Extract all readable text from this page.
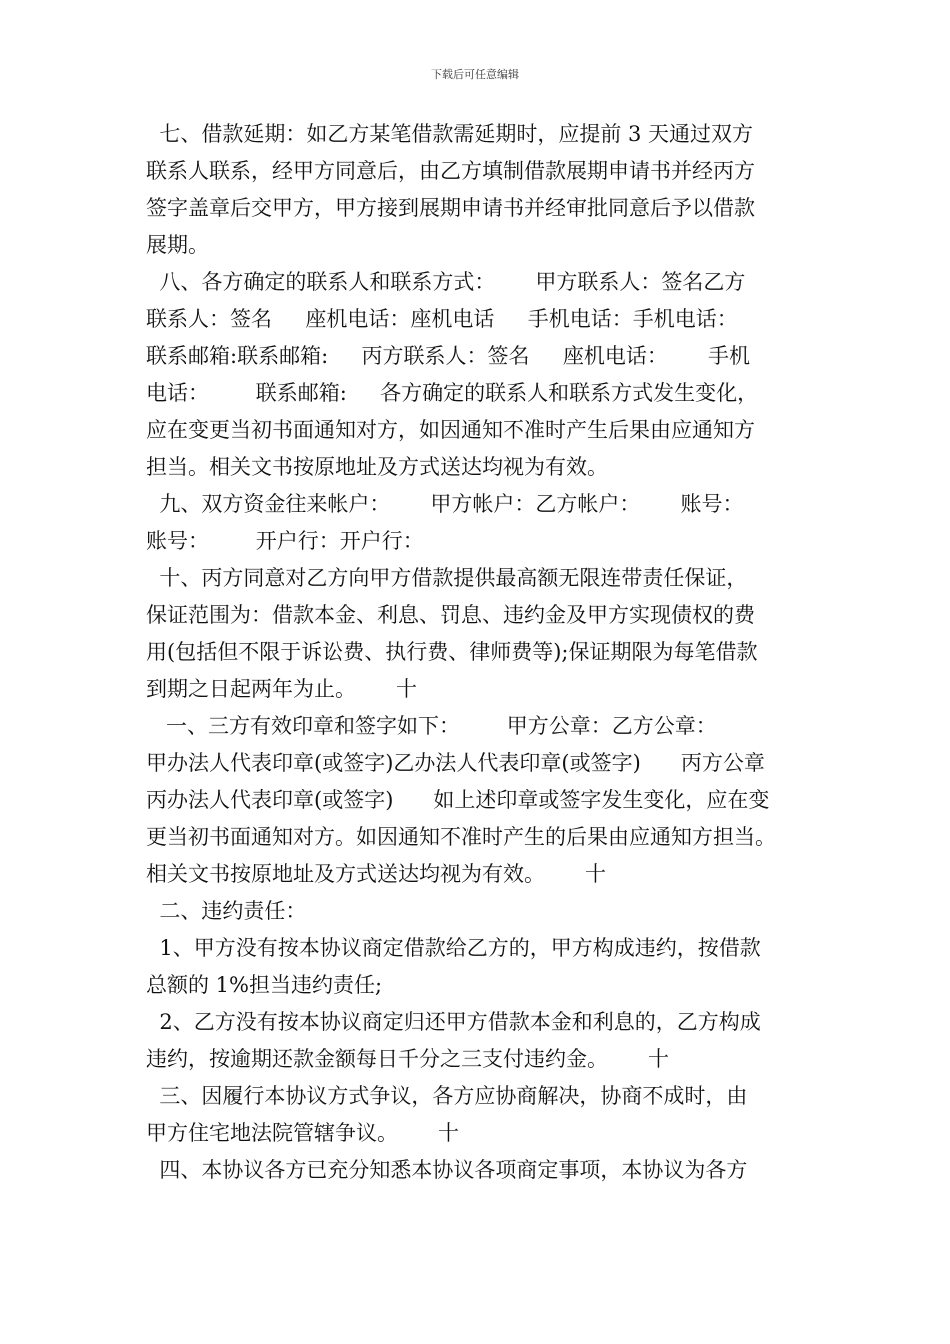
下载后可任意编辑
七、借款延期：如乙方某笔借款需延期时，应提前 3 天通过双方
联系人联系，经甲方同意后，由乙方填制借款展期申请书并经丙方
签字盖章后交甲方，甲方接到展期申请书并经审批同意后予以借款
展期。
八、各方确定的联系人和联系方式：      甲方联系人：签名乙方
联系人：签名     座机电话：座机电话     手机电话：手机电话：
联系邮箱:联系邮箱:     丙方联系人：签名     座机电话：      手机
电话：       联系邮箱:     各方确定的联系人和联系方式发生变化，
应在变更当初书面通知对方，如因通知不准时产生后果由应通知方
担当。相关文书按原地址及方式送达均视为有效。
九、双方资金往来帐户：      甲方帐户：乙方帐户：      账号：
账号：       开户行：开户行：
十、丙方同意对乙方向甲方借款提供最高额无限连带责任保证，
保证范围为：借款本金、利息、罚息、违约金及甲方实现债权的费
用(包括但不限于诉讼费、执行费、律师费等);保证期限为每笔借款
到期之日起两年为止。      十
一、三方有效印章和签字如下：       甲方公章：乙方公章：
甲办法人代表印章(或签字)乙办法人代表印章(或签字)      丙方公章
丙办法人代表印章(或签字)      如上述印章或签字发生变化，应在变
更当初书面通知对方。如因通知不准时产生的后果由应通知方担当。
相关文书按原地址及方式送达均视为有效。      十
二、违约责任：
1、甲方没有按本协议商定借款给乙方的，甲方构成违约，按借款
总额的 1%担当违约责任;
2、乙方没有按本协议商定归还甲方借款本金和利息的，乙方构成
违约，按逾期还款金额每日千分之三支付违约金。      十
三、因履行本协议方式争议，各方应协商解决，协商不成时，由
甲方住宅地法院管辖争议。      十
四、本协议各方已充分知悉本协议各项商定事项，本协议为各方
